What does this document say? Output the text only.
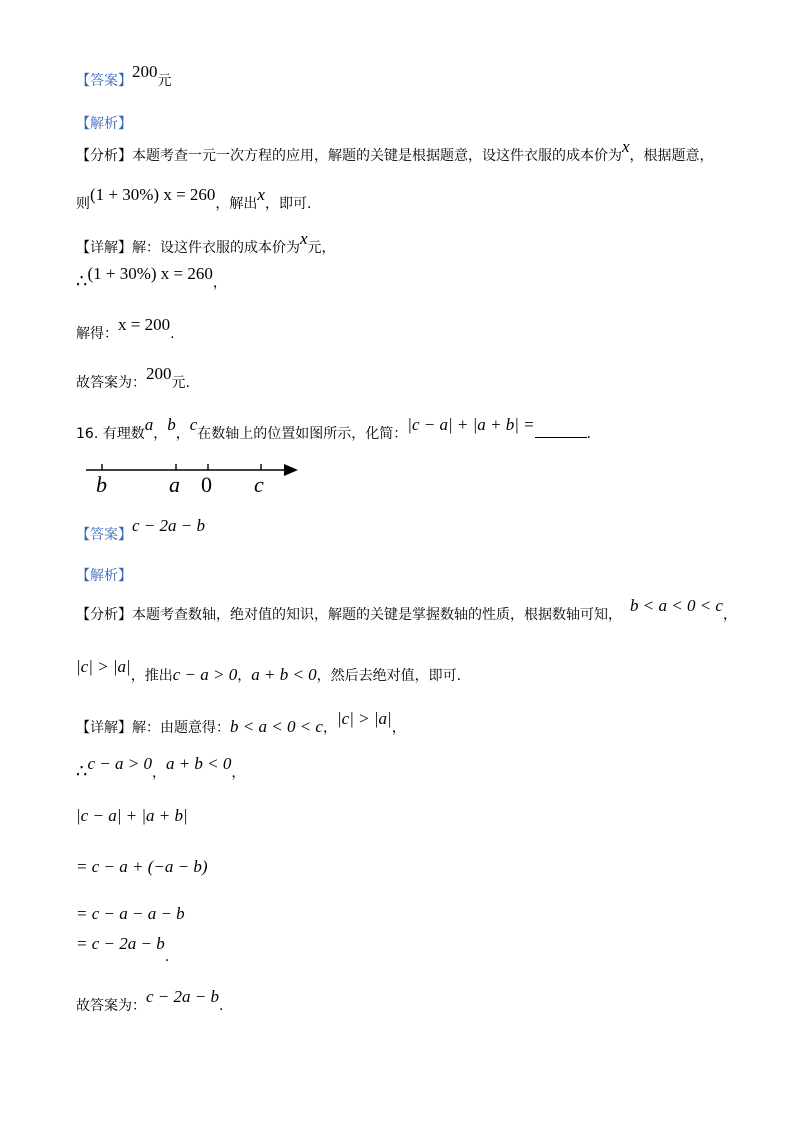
【答案】200元
【解析】
【分析】本题考查一元一次方程的应用，解题的关键是根据题意，设这件衣服的成本价为x，根据题意，
则(1 + 30%) x = 260，解出x，即可.
【详解】解：设这件衣服的成本价为x元，
∴(1 + 30%) x = 260，
解得：x = 200.
故答案为：200元.
16. 有理数a，b，c在数轴上的位置如图所示，化简：|c − a| + |a + b| =	.
b	a 0 c
【答案】c − 2a − b
【解析】
【分析】本题考查数轴，绝对值的知识，解题的关键是掌握数轴的性质，根据数轴可知， b < a < 0 < c，
|c| > |a|，推出c − a > 0，a + b < 0，然后去绝对值，即可.
【详解】解：由题意得：b < a < 0 < c，|c| > |a|，
∴c − a > 0，a + b < 0，
|c − a| + |a + b|
= c − a + (−a − b)
= c − a − a − b
= c − 2a − b.
故答案为：c − 2a − b.
